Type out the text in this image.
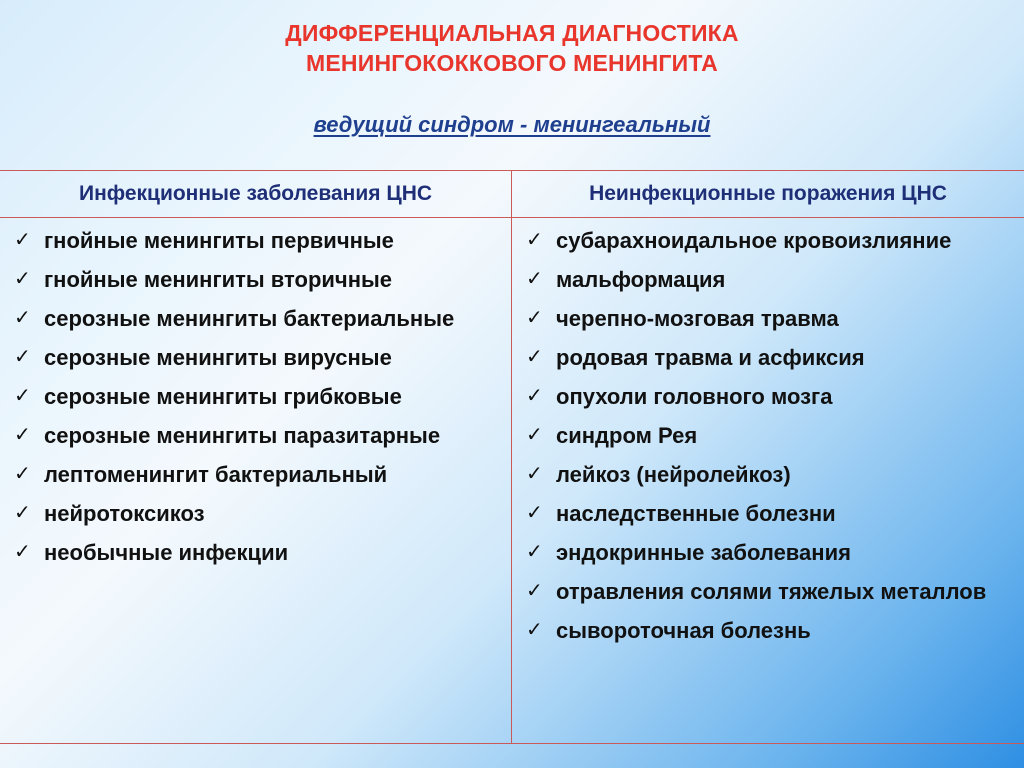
ДИФФЕРЕНЦИАЛЬНАЯ ДИАГНОСТИКА
МЕНИНГОКОККОВОГО МЕНИНГИТА
ведущий синдром - менингеальный
Инфекционные заболевания ЦНС	Неинфекционные поражения ЦНС
✓ гнойные менингиты первичные
✓ гнойные менингиты вторичные
✓ серозные менингиты бактериальные
✓ серозные менингиты вирусные
✓ серозные менингиты грибковые
✓ серозные менингиты паразитарные
✓ лептоменингит бактериальный
✓ нейротоксикоз
✓ необычные инфекции
✓ субарахноидальное кровоизлияние
✓ мальформация
✓ черепно-мозговая травма
✓ родовая травма и асфиксия
✓ опухоли головного мозга
✓ синдром Рея
✓ лейкоз (нейролейкоз)
✓ наследственные болезни
✓ эндокринные заболевания
✓ отравления солями тяжелых металлов
✓ сывороточная болезнь
